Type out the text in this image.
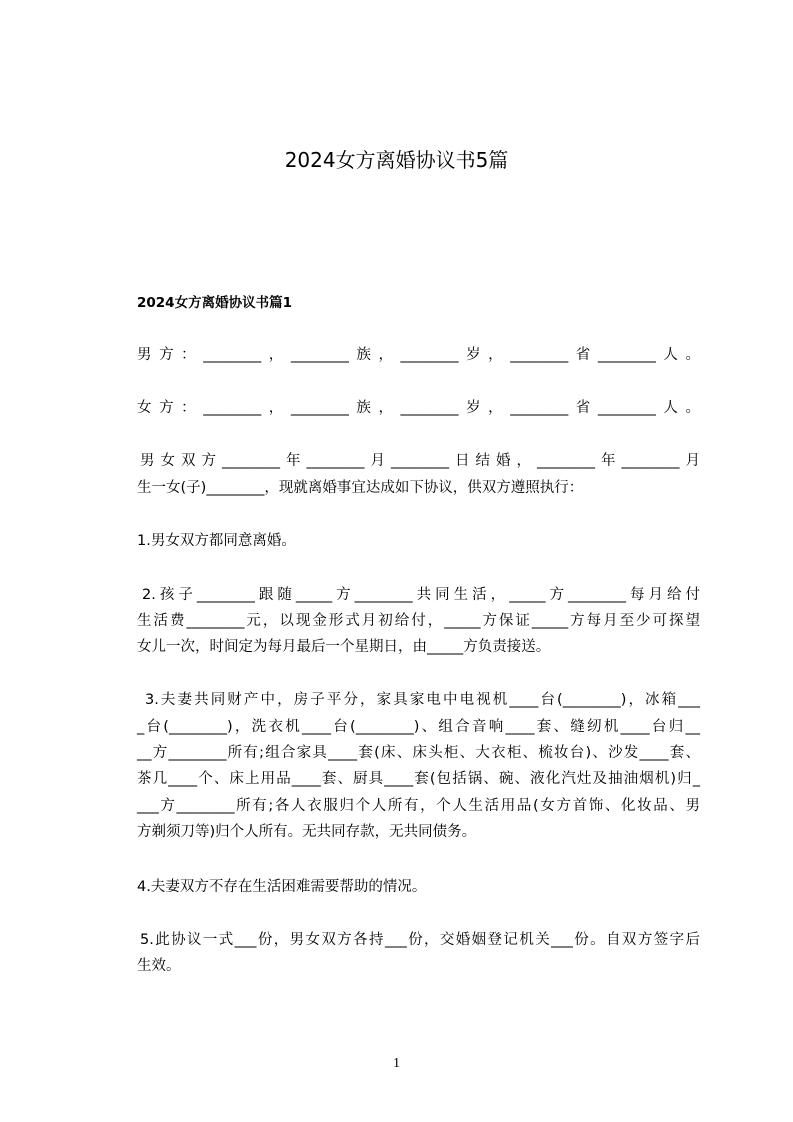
2024女方离婚协议书5篇
2024女方离婚协议书篇1
男方：________，________族，________岁，________省________人。
女方：________，________族，________岁，________省________人。
男女双方________年________月________日结婚，________年________月
生一女(子)________，现就离婚事宜达成如下协议，供双方遵照执行：
1.男女双方都同意离婚。
2.孩子________跟随_____方________共同生活，_____方________每月给付
生活费________元，以现金形式月初给付，_____方保证_____方每月至少可探望
女儿一次，时间定为每月最后一个星期日，由_____方负责接送。
3.夫妻共同财产中，房子平分，家具家电中电视机____台(________)，冰箱___
_台(________)，洗衣机____台(________)、组合音响____套、缝纫机____台归__
__方________所有;组合家具____套(床、床头柜、大衣柜、梳妆台)、沙发____套、
茶几____个、床上用品____套、厨具____套(包括锅、碗、液化汽灶及抽油烟机)归_
___方________所有;各人衣服归个人所有，个人生活用品(女方首饰、化妆品、男
方剃须刀等)归个人所有。无共同存款，无共同债务。
4.夫妻双方不存在生活困难需要帮助的情况。
5.此协议一式___份，男女双方各持___份，交婚姻登记机关___份。自双方签字后
生效。
1
